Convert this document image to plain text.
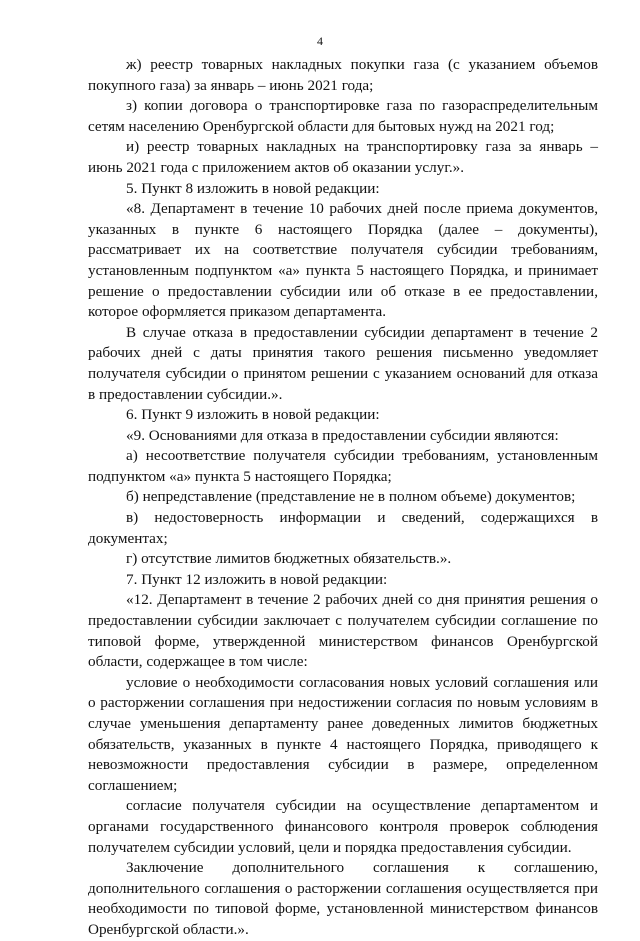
4

ж) реестр товарных накладных покупки газа (с указанием объемов покупного газа) за январь – июнь 2021 года;

з) копии договора о транспортировке газа по газораспределительным сетям населению Оренбургской области для бытовых нужд на 2021 год;

и) реестр товарных накладных на транспортировку газа за январь – июнь 2021 года с приложением актов об оказании услуг.».

5. Пункт 8 изложить в новой редакции:

«8. Департамент в течение 10 рабочих дней после приема документов, указанных в пункте 6 настоящего Порядка (далее – документы), рассматривает их на соответствие получателя субсидии требованиям, установленным подпунктом «а» пункта 5 настоящего Порядка, и принимает решение о предоставлении субсидии или об отказе в ее предоставлении, которое оформляется приказом департамента.

В случае отказа в предоставлении субсидии департамент в течение 2 рабочих дней с даты принятия такого решения письменно уведомляет получателя субсидии о принятом решении с указанием оснований для отказа в предоставлении субсидии.».

6. Пункт 9 изложить в новой редакции:

«9. Основаниями для отказа в предоставлении субсидии являются:

а) несоответствие получателя субсидии требованиям, установленным подпунктом «а» пункта 5 настоящего Порядка;

б) непредставление (представление не в полном объеме) документов;

в) недостоверность информации и сведений, содержащихся в документах;

г) отсутствие лимитов бюджетных обязательств.».

7. Пункт 12 изложить в новой редакции:

«12. Департамент в течение 2 рабочих дней со дня принятия решения о предоставлении субсидии заключает с получателем субсидии соглашение по типовой форме, утвержденной министерством финансов Оренбургской области, содержащее в том числе:

условие о необходимости согласования новых условий соглашения или о расторжении соглашения при недостижении согласия по новым условиям в случае уменьшения департаменту ранее доведенных лимитов бюджетных обязательств, указанных в пункте 4 настоящего Порядка, приводящего к невозможности предоставления субсидии в размере, определенном соглашением;

согласие получателя субсидии на осуществление департаментом и органами государственного финансового контроля проверок соблюдения получателем субсидии условий, цели и порядка предоставления субсидии.

Заключение дополнительного соглашения к соглашению, дополнительного соглашения о расторжении соглашения осуществляется при необходимости по типовой форме, установленной министерством финансов Оренбургской области.».
